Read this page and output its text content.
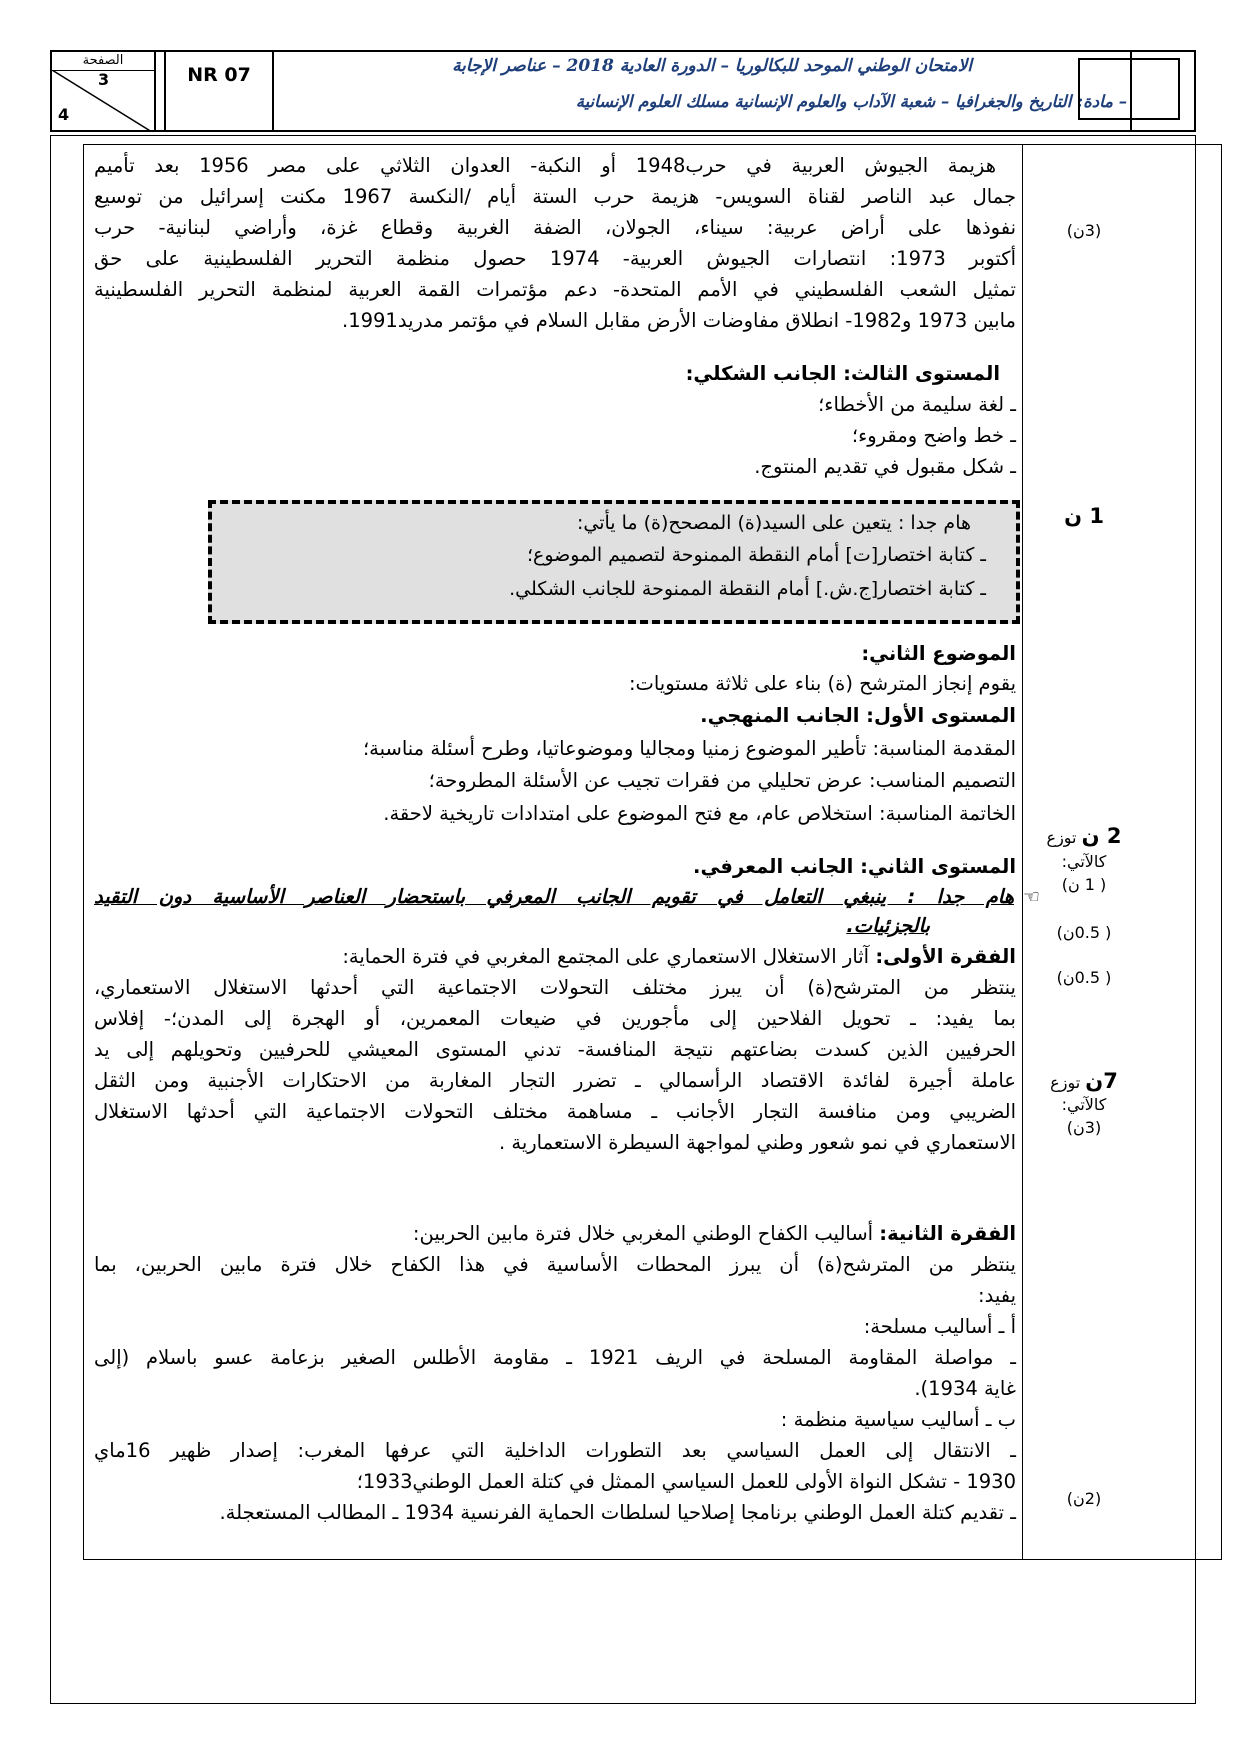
الصفحة
3
4
NR 07	الامتحان الوطني الموحد للبكالوريا – الدورة العادية 2018 – عناصر الإجابة
– مادة: التاريخ والجغرافيا – شعبة الآداب والعلوم الإنسانية مسلك العلوم الإنسانية
هزيمة الجيوش العربية في حرب1948 أو النكبة- العدوان الثلاثي على مصر 1956 بعد تأميم
جمال عبد الناصر لقناة السويس- هزيمة حرب الستة أيام /النكسة 1967 مكنت إسرائيل من توسيع
نفوذها على أراض عربية: سيناء، الجولان، الضفة الغربية وقطاع غزة، وأراضي لبنانية- حرب
أكتوبر 1973: انتصارات الجيوش العربية- 1974 حصول منظمة التحرير الفلسطينية على حق
تمثيل الشعب الفلسطيني في الأمم المتحدة- دعم مؤتمرات القمة العربية لمنظمة التحرير الفلسطينية
مابين 1973 و1982- انطلاق مفاوضات الأرض مقابل السلام في مؤتمر مدريد1991.
المستوى الثالث: الجانب الشكلي:
ـ لغة سليمة من الأخطاء؛
ـ خط واضح ومقروء؛
ـ شكل مقبول في تقديم المنتوج.
هام جدا : يتعين على السيد(ة) المصحح(ة) ما يأتي:
ـ كتابة اختصار[ت] أمام النقطة الممنوحة لتصميم الموضوع؛
ـ كتابة اختصار[ج.ش.] أمام النقطة الممنوحة للجانب الشكلي.
الموضوع الثاني:
يقوم إنجاز المترشح (ة) بناء على ثلاثة مستويات:
المستوى الأول: الجانب المنهجي.
المقدمة المناسبة: تأطير الموضوع زمنيا ومجاليا وموضوعاتيا، وطرح أسئلة مناسبة؛
التصميم المناسب: عرض تحليلي من فقرات تجيب عن الأسئلة المطروحة؛
الخاتمة المناسبة: استخلاص عام، مع فتح الموضوع على امتدادات تاريخية لاحقة.
المستوى الثاني: الجانب المعرفي.
☜
هام جدا : ينبغي التعامل في تقويم الجانب المعرفي باستحضار العناصر الأساسية دون التقيد
بالجزئيات.
الفقرة الأولى: آثار الاستغلال الاستعماري على المجتمع المغربي في فترة الحماية:
ينتظر من المترشح(ة) أن يبرز مختلف التحولات الاجتماعية التي أحدثها الاستغلال الاستعماري،
بما يفيد: ـ تحويل الفلاحين إلى مأجورين في ضيعات المعمرين، أو الهجرة إلى المدن؛- إفلاس
الحرفيين الذين كسدت بضاعتهم نتيجة المنافسة- تدني المستوى المعيشي للحرفيين وتحويلهم إلى يد
عاملة أجيرة لفائدة الاقتصاد الرأسمالي ـ تضرر التجار المغاربة من الاحتكارات الأجنبية ومن الثقل
الضريبي ومن منافسة التجار الأجانب ـ مساهمة مختلف التحولات الاجتماعية التي أحدثها الاستغلال
الاستعماري في نمو شعور وطني لمواجهة السيطرة الاستعمارية .
الفقرة الثانية: أساليب الكفاح الوطني المغربي خلال فترة مابين الحربين:
ينتظر من المترشح(ة) أن يبرز المحطات الأساسية في هذا الكفاح خلال فترة مابين الحربين، بما
يفيد:
أ ـ أساليب مسلحة:
ـ مواصلة المقاومة المسلحة في الريف 1921 ـ مقاومة الأطلس الصغير بزعامة عسو باسلام (إلى
غاية 1934).
ب ـ أساليب سياسية منظمة :
ـ الانتقال إلى العمل السياسي بعد التطورات الداخلية التي عرفها المغرب: إصدار ظهير 16ماي
1930 - تشكل النواة الأولى للعمل السياسي الممثل في كتلة العمل الوطني1933؛
ـ تقديم كتلة العمل الوطني برنامجا إصلاحيا لسلطات الحماية الفرنسية 1934 ـ المطالب المستعجلة.
(3ن)
1 ن
2 ن توزع
كالآتي:
( 1 ن)
( 0.5ن)
( 0.5ن)
7ن توزع
كالآتي:
(3ن)
(2ن)
